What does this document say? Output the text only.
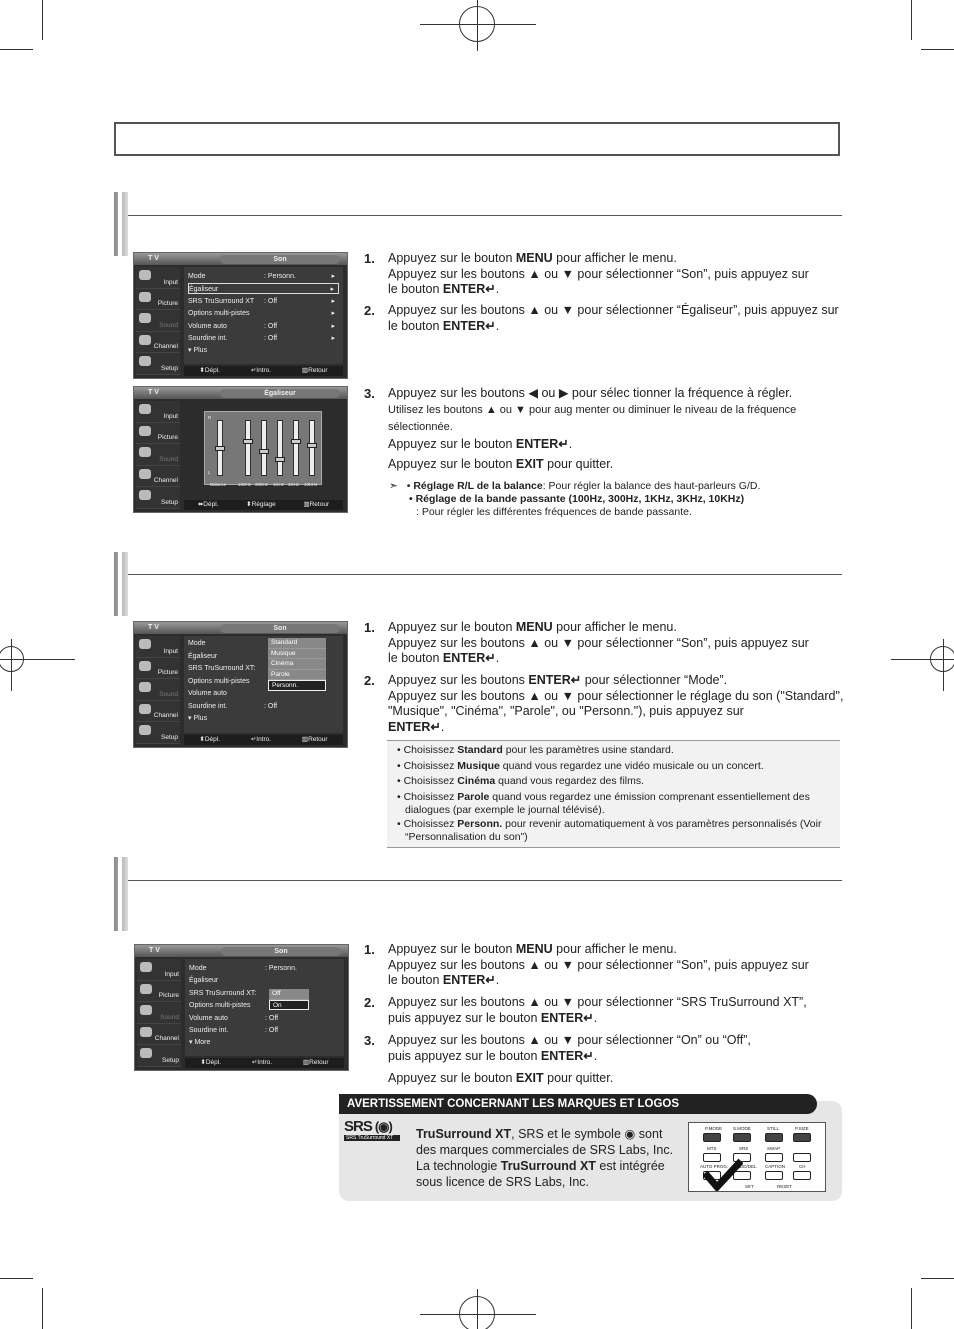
T V	Son
Input
Picture
Sound
Channel
Setup
Mode	: Personn.	▸
Égaliseur	▸
SRS TruSurround XT : Off	▸
Options multi-pistes	▸
Volume auto	: Off	▸
Sourdine int.	: Off	▸
▾ Plus
⬍Dépl.	↵Intro.	▥Retour
T V	Égaliseur
Input
Picture
Sound
Channel
Setup
R
L
Balance	100Hz 300Hz 1KHz 3KHz 10KHz
⬌Dépl.	⬍Réglage	▥Retour
T V	Son
Input
Picture
Sound
Channel
Setup
Mode
Égaliseur
SRS TruSurround XT:
Options multi-pistes
Volume auto
Sourdine int.	: Off
▾ Plus
Standard
Musique
Cinéma
Parole
Personn.
⬍Dépl.	↵Intro.	▥Retour
T V	Son
Input
Picture
Sound
Channel
Setup
Mode	: Personn.
Égaliseur
SRS TruSurround XT:
Options multi-pistes
Volume auto	: Off
Sourdine int.	: Off
▾ More
Off
On
⬍Dépl.	↵Intro.	▥Retour
1. Appuyez sur le bouton MENU pour afficher le menu.
Appuyez sur les boutons ▲ ou ▼ pour sélectionner “Son”, puis appuyez sur
le bouton ENTER↵.
2. Appuyez sur les boutons ▲ ou ▼ pour sélectionner “Égaliseur”, puis appuyez sur
le bouton ENTER↵.
3. Appuyez sur les boutons ◀ ou ▶ pour sélec tionner la fréquence à régler.
Utilisez les boutons ▲ ou ▼ pour aug menter ou diminuer le niveau de la fréquence sélectionnée.
Appuyez sur le bouton ENTER↵.
Appuyez sur le bouton EXIT pour quitter.
➣ • Réglage R/L de la balance: Pour régler la balance des haut-parleurs G/D.
• Réglage de la bande passante (100Hz, 300Hz, 1KHz, 3KHz, 10KHz)
: Pour régler les différentes fréquences de bande passante.
1. Appuyez sur le bouton MENU pour afficher le menu.
Appuyez sur les boutons ▲ ou ▼ pour sélectionner “Son”, puis appuyez sur
le bouton ENTER↵.
2. Appuyez sur les boutons ENTER↵ pour sélectionner “Mode”.
Appuyez sur les boutons ▲ ou ▼ pour sélectionner le réglage du son ("Standard", "Musique", "Cinéma", "Parole", ou "Personn."), puis appuyez sur
ENTER↵.
• Choisissez Standard pour les paramètres usine standard.
• Choisissez Musique quand vous regardez une vidéo musicale ou un concert.
• Choisissez Cinéma quand vous regardez des films.
• Choisissez Parole quand vous regardez une émission comprenant essentiellement des dialogues (par exemple le journal télévisé).
• Choisissez Personn. pour revenir automatiquement à vos paramètres personnalisés (Voir “Personnalisation du son”)
1. Appuyez sur le bouton MENU pour afficher le menu.
Appuyez sur les boutons ▲ ou ▼ pour sélectionner “Son”, puis appuyez sur
le bouton ENTER↵.
2. Appuyez sur les boutons ▲ ou ▼ pour sélectionner “SRS TruSurround XT”,
puis appuyez sur le bouton ENTER↵.
3. Appuyez sur les boutons ▲ ou ▼ pour sélectionner “On” ou “Off”,
puis appuyez sur le bouton ENTER↵.
Appuyez sur le bouton EXIT pour quitter.
AVERTISSEMENT CONCERNANT LES MARQUES ET LOGOS
SRS (◉)
SRS TruSurround XT	TruSurround XT, SRS et le symbole ◉ sont des marques commerciales de SRS Labs, Inc. La technologie TruSurround XT est intégrée sous licence de SRS Labs, Inc.
P.MODE S.MODE	STILL	P.SIZE
MTS	SRS	SWAP
AUTO PROG. ADD/DEL CAPTION	CH
SET	RESET
